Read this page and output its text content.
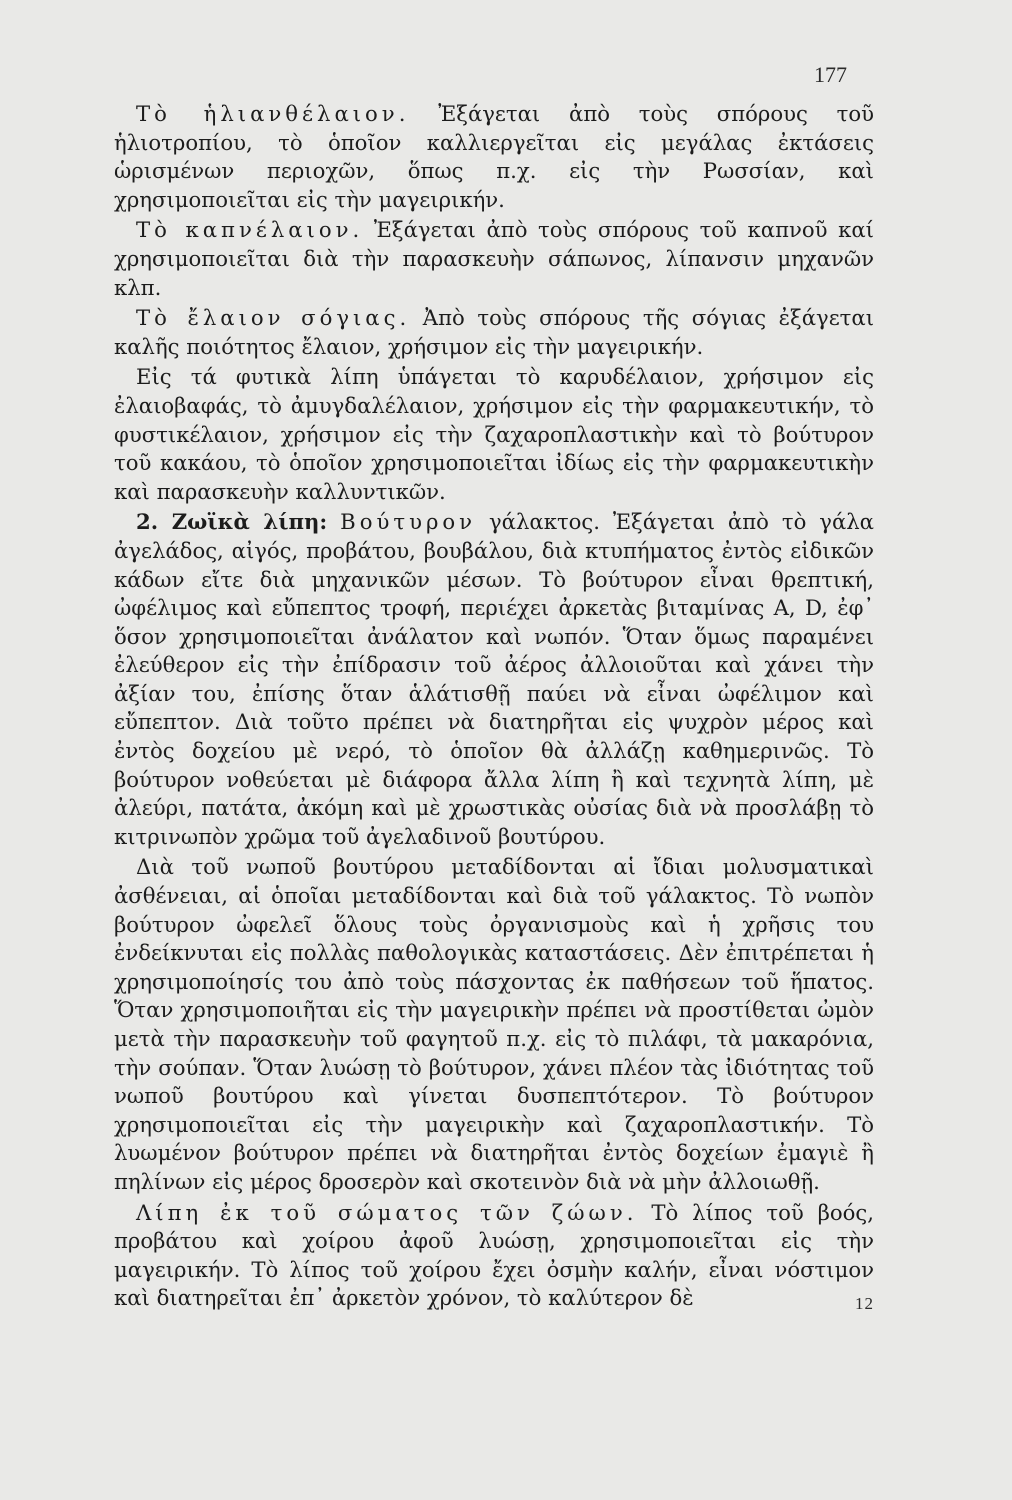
177

Τὸ ἡλιανθέλαιον. Ἐξάγεται ἀπὸ τοὺς σπόρους τοῦ ἡλιοτροπίου, τὸ ὁποῖον καλλιεργεῖται εἰς μεγάλας ἐκτάσεις ὡρισμένων περιοχῶν, ὅπως π.χ. εἰς τὴν Ρωσσίαν, καὶ χρησιμοποιεῖται εἰς τὴν μαγειρικήν.

Τὸ καπνέλαιον. Ἐξάγεται ἀπὸ τοὺς σπόρους τοῦ καπνοῦ καί χρησιμοποιεῖται διὰ τὴν παρασκευὴν σάπωνος, λίπανσιν μηχανῶν κλπ.

Τὸ ἔλαιον σόγιας. Ἀπὸ τοὺς σπόρους τῆς σόγιας ἐξάγεται καλῆς ποιότητος ἔλαιον, χρήσιμον εἰς τὴν μαγειρικήν.

Εἰς τά φυτικὰ λίπη ὑπάγεται τὸ καρυδέλαιον, χρήσιμον εἰς ἐλαιοβαφάς, τὸ ἀμυγδαλέλαιον, χρήσιμον εἰς τὴν φαρμακευτικήν, τὸ φυστικέλαιον, χρήσιμον εἰς τὴν ζαχαροπλαστικὴν καὶ τὸ βούτυρον τοῦ κακάου, τὸ ὁποῖον χρησιμοποιεῖται ἰδίως εἰς τὴν φαρμακευτικὴν καὶ παρασκευὴν καλλυντικῶν.

2. Ζωϊκὰ λίπη: Βούτυρον γάλακτος. Ἐξάγεται ἀπὸ τὸ γάλα ἀγελάδος, αἰγός, προβάτου, βουβάλου, διὰ κτυπήματος ἐντὸς εἰδικῶν κάδων εἴτε διὰ μηχανικῶν μέσων. Τὸ βούτυρον εἶναι θρεπτική, ὠφέλιμος καὶ εὔπεπτος τροφή, περιέχει ἀρκετὰς βιταμίνας A, D, ἐφ᾽ ὅσον χρησιμοποιεῖται ἀνάλατον καὶ νωπόν. Ὅταν ὅμως παραμένει ἐλεύθερον εἰς τὴν ἐπίδρασιν τοῦ ἀέρος ἀλλοιοῦται καὶ χάνει τὴν ἀξίαν του, ἐπίσης ὅταν ἁλάτισθῇ παύει νὰ εἶναι ὠφέλιμον καὶ εὔπεπτον. Διὰ τοῦτο πρέπει νὰ διατηρῆται εἰς ψυχρὸν μέρος καὶ ἐντὸς δοχείου μὲ νερό, τὸ ὁποῖον θὰ ἀλλάζῃ καθημερινῶς. Τὸ βούτυρον νοθεύεται μὲ διάφορα ἄλλα λίπη ἢ καὶ τεχνητὰ λίπη, μὲ ἀλεύρι, πατάτα, ἀκόμη καὶ μὲ χρωστικὰς οὐσίας διὰ νὰ προσλάβῃ τὸ κιτρινωπὸν χρῶμα τοῦ ἀγελαδινοῦ βουτύρου.

Διὰ τοῦ νωποῦ βουτύρου μεταδίδονται αἱ ἴδιαι μολυσματικαὶ ἀσθένειαι, αἱ ὁποῖαι μεταδίδονται καὶ διὰ τοῦ γάλακτος. Τὸ νωπὸν βούτυρον ὠφελεῖ ὅλους τοὺς ὀργανισμοὺς καὶ ἡ χρῆσις του ἐνδείκνυται εἰς πολλὰς παθολογικὰς καταστάσεις. Δὲν ἐπιτρέπεται ἡ χρησιμοποίησίς του ἀπὸ τοὺς πάσχοντας ἐκ παθήσεων τοῦ ἥπατος. Ὅταν χρησιμοποιῆται εἰς τὴν μαγειρικὴν πρέπει νὰ προστίθεται ὠμὸν μετὰ τὴν παρασκευὴν τοῦ φαγητοῦ π.χ. εἰς τὸ πιλάφι, τὰ μακαρόνια, τὴν σούπαν. Ὅταν λυώσῃ τὸ βούτυρον, χάνει πλέον τὰς ἰδιότητας τοῦ νωποῦ βουτύρου καὶ γίνεται δυσπεπτότερον. Τὸ βούτυρον χρησιμοποιεῖται εἰς τὴν μαγειρικὴν καὶ ζαχαροπλαστικήν. Τὸ λυωμένον βούτυρον πρέπει νὰ διατηρῆται ἐντὸς δοχείων ἐμαγιὲ ἢ πηλίνων εἰς μέρος δροσερὸν καὶ σκοτεινὸν διὰ νὰ μὴν ἀλλοιωθῇ.

Λίπη ἐκ τοῦ σώματος τῶν ζώων. Τὸ λίπος τοῦ βοός, προβάτου καὶ χοίρου ἀφοῦ λυώσῃ, χρησιμοποιεῖται εἰς τὴν μαγειρικήν. Τὸ λίπος τοῦ χοίρου ἔχει ὀσμὴν καλήν, εἶναι νόστιμον καὶ διατηρεῖται ἐπ᾽ ἀρκετὸν χρόνον, τὸ καλύτερον δὲ	12
